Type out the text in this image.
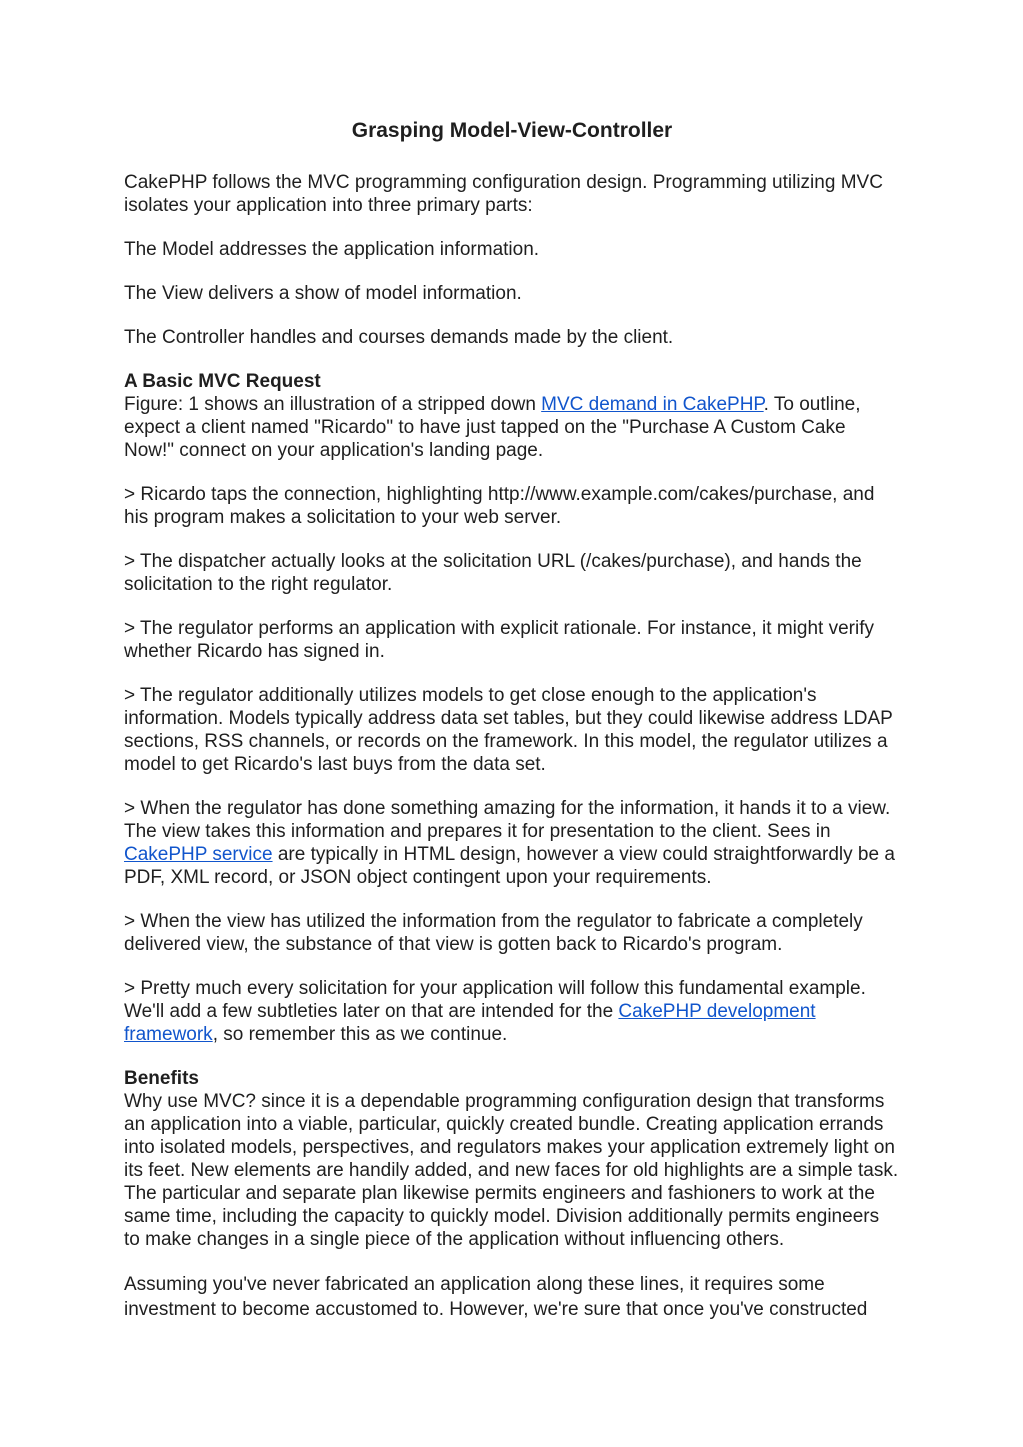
Grasping Model-View-Controller

CakePHP follows the MVC programming configuration design. Programming utilizing MVC isolates your application into three primary parts:

The Model addresses the application information.

The View delivers a show of model information.

The Controller handles and courses demands made by the client.

A Basic MVC Request

Figure: 1 shows an illustration of a stripped down MVC demand in CakePHP. To outline, expect a client named "Ricardo" to have just tapped on the "Purchase A Custom Cake Now!" connect on your application's landing page.

> Ricardo taps the connection, highlighting http://www.example.com/cakes/purchase, and his program makes a solicitation to your web server.

> The dispatcher actually looks at the solicitation URL (/cakes/purchase), and hands the solicitation to the right regulator.

> The regulator performs an application with explicit rationale. For instance, it might verify whether Ricardo has signed in.

> The regulator additionally utilizes models to get close enough to the application's information. Models typically address data set tables, but they could likewise address LDAP sections, RSS channels, or records on the framework. In this model, the regulator utilizes a model to get Ricardo's last buys from the data set.

> When the regulator has done something amazing for the information, it hands it to a view. The view takes this information and prepares it for presentation to the client. Sees in CakePHP service are typically in HTML design, however a view could straightforwardly be a PDF, XML record, or JSON object contingent upon your requirements.

> When the view has utilized the information from the regulator to fabricate a completely delivered view, the substance of that view is gotten back to Ricardo's program.

> Pretty much every solicitation for your application will follow this fundamental example. We'll add a few subtleties later on that are intended for the CakePHP development framework, so remember this as we continue.

Benefits

Why use MVC? since it is a dependable programming configuration design that transforms an application into a viable, particular, quickly created bundle. Creating application errands into isolated models, perspectives, and regulators makes your application extremely light on its feet. New elements are handily added, and new faces for old highlights are a simple task. The particular and separate plan likewise permits engineers and fashioners to work at the same time, including the capacity to quickly model. Division additionally permits engineers to make changes in a single piece of the application without influencing others.

Assuming you've never fabricated an application along these lines, it requires some investment to become accustomed to. However, we're sure that once you've constructed
